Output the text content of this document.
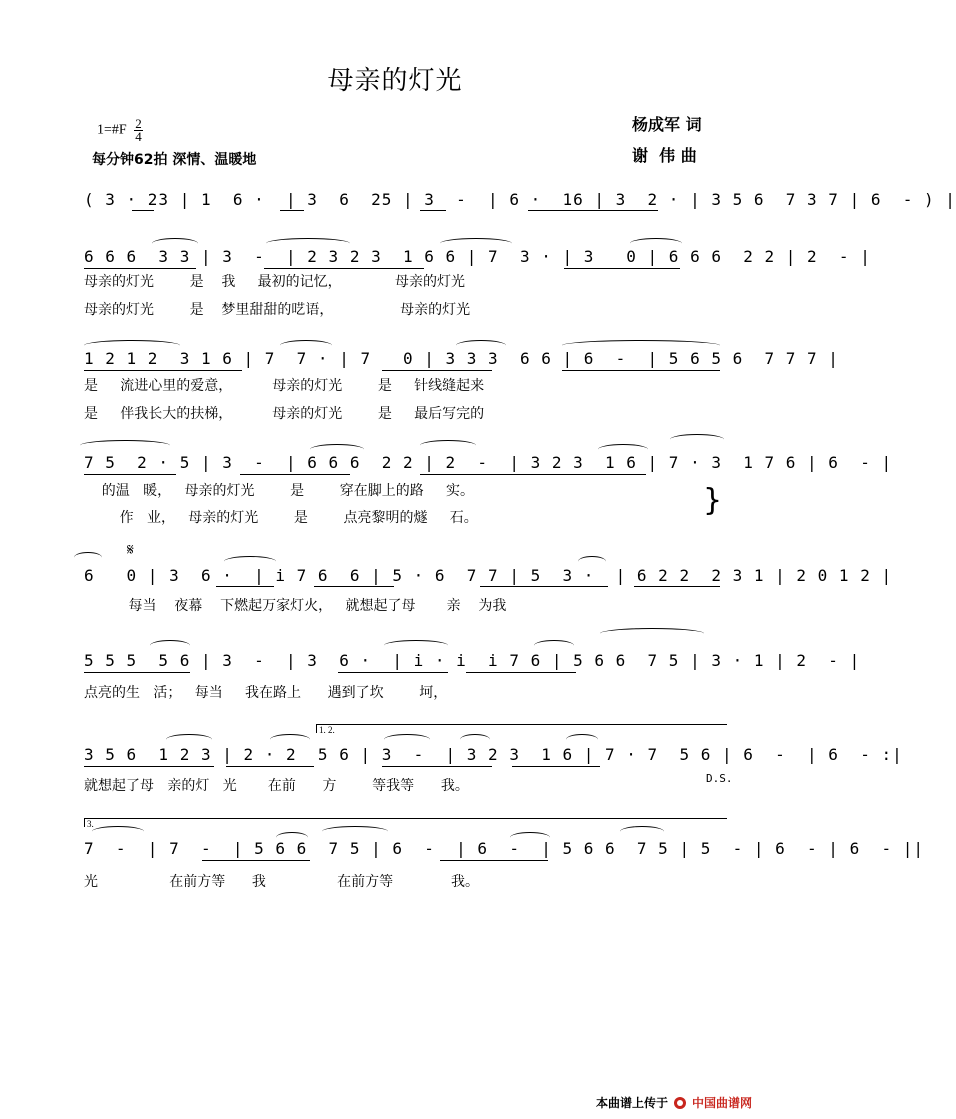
母亲的灯光
1=#F $\frac{2}{4}$
每分钟62拍 深情、温暖地
杨成军 词
谢  伟 曲
( 3 · 23 | 1  6 ·  | 3  6  25 | 3  -  | 6 ·  16 | 3  2 · | 3 5 6  7 3 7 | 6  - ) |
6 6 6  3 3 | 3  -  | 2 3 2 3  1 6 6 | 7  3 · | 3   0 | 6 6 6  2 2 | 2  - |
母亲的灯光        是    我     最初的记忆，            母亲的灯光
母亲的灯光        是    梦里甜甜的呓语，               母亲的灯光
1 2 1 2  3 1 6 | 7  7 · | 7   0 | 3 3 3  6 6 | 6  -  | 5 6 5 6  7 7 7 |
是     流进心里的爱意，         母亲的灯光        是     针线缝起来
是     伴我长大的扶梯，         母亲的灯光        是     最后写完的
7 5  2 · 5 | 3  -  | 6 6 6  2 2 | 2  -  | 3 2 3  1 6 | 7 · 3  1 7 6 | 6  - |
的温   暖，   母亲的灯光        是        穿在脚上的路     实。
作   业，   母亲的灯光        是        点亮黎明的燧     石。	}
𝄋
6   0 | 3  6 ·  | i 7 6  6 | 5 · 6  7 7 | 5  3 ·  | 6 2 2  2 3 1 | 2 0 1 2 |
每当    夜幕    下燃起万家灯火，   就想起了母       亲    为我
5 5 5  5 6 | 3  -  | 3  6 ·  | i · i  i 7 6 | 5 6 6  7 5 | 3 · 1 | 2  - |
点亮的生   活；   每当     我在路上      遇到了坎        坷，
1. 2.
3 5 6  1 2 3 | 2 · 2  5 6 | 3  -  | 3 2 3  1 6 | 7 · 7  5 6 | 6  -  | 6  - :|
就想起了母   亲的灯   光       在前      方        等我等      我。	D.S.
3.
7  -  | 7  -  | 5 6 6  7 5 | 6  -  | 6  -  | 5 6 6  7 5 | 5  - | 6  - | 6  - ||
光                在前方等      我                在前方等             我。
本曲谱上传于 中国曲谱网
